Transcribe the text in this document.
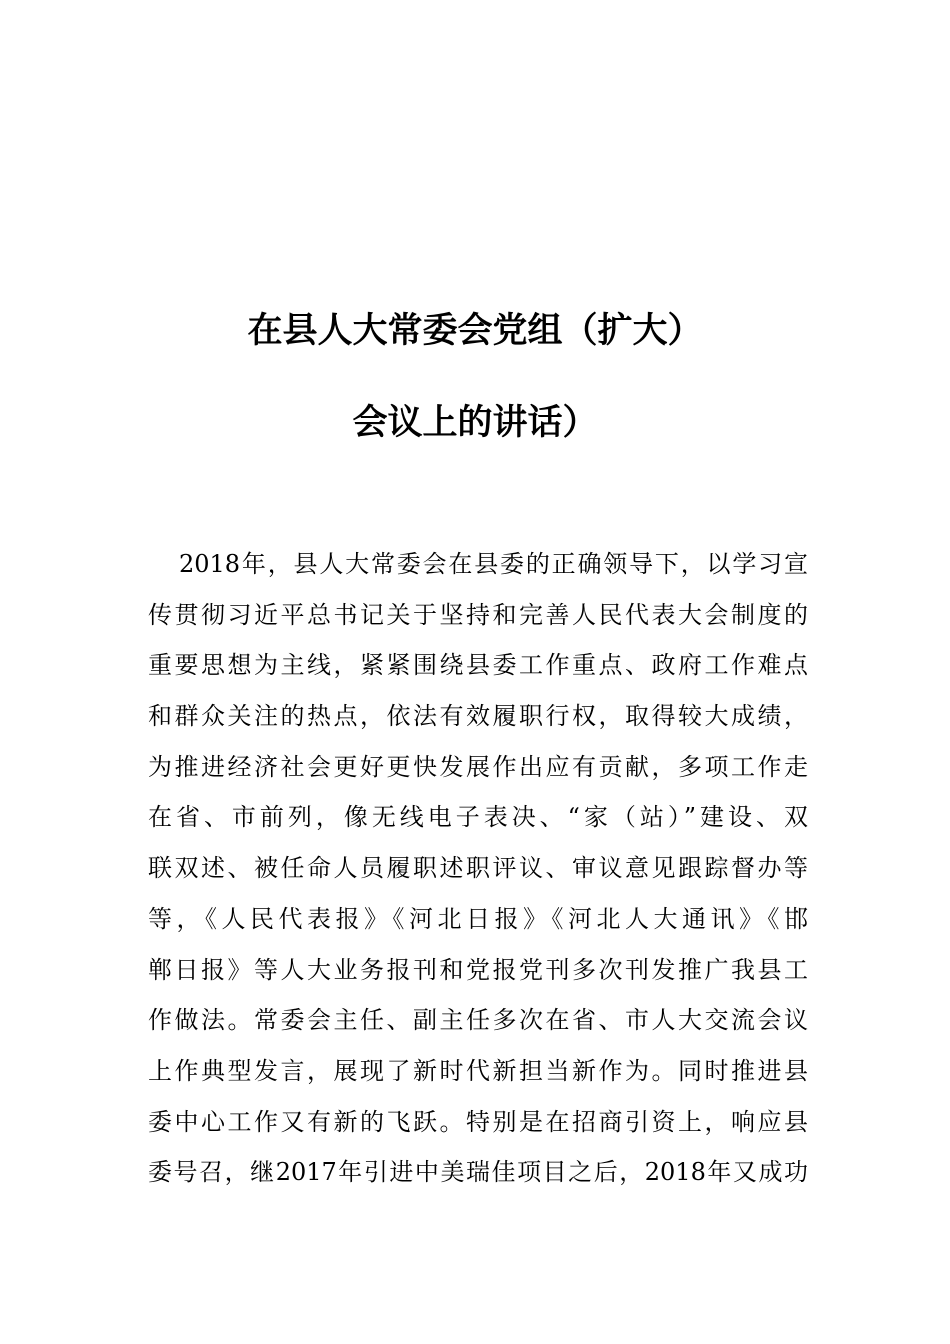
在县人大常委会党组（扩大）
会议上的讲话）
2018年，县人大常委会在县委的正确领导下，以学习宣
传贯彻习近平总书记关于坚持和完善人民代表大会制度的
重要思想为主线，紧紧围绕县委工作重点、政府工作难点
和群众关注的热点，依法有效履职行权，取得较大成绩，
为推进经济社会更好更快发展作出应有贡献，多项工作走
在省、市前列，像无线电子表决、“家（站）”建设、双
联双述、被任命人员履职述职评议、审议意见跟踪督办等
等，《人民代表报》《河北日报》《河北人大通讯》《邯
郸日报》等人大业务报刊和党报党刊多次刊发推广我县工
作做法。常委会主任、副主任多次在省、市人大交流会议
上作典型发言，展现了新时代新担当新作为。同时推进县
委中心工作又有新的飞跃。特别是在招商引资上，响应县
委号召，继2017年引进中美瑞佳项目之后，2018年又成功
